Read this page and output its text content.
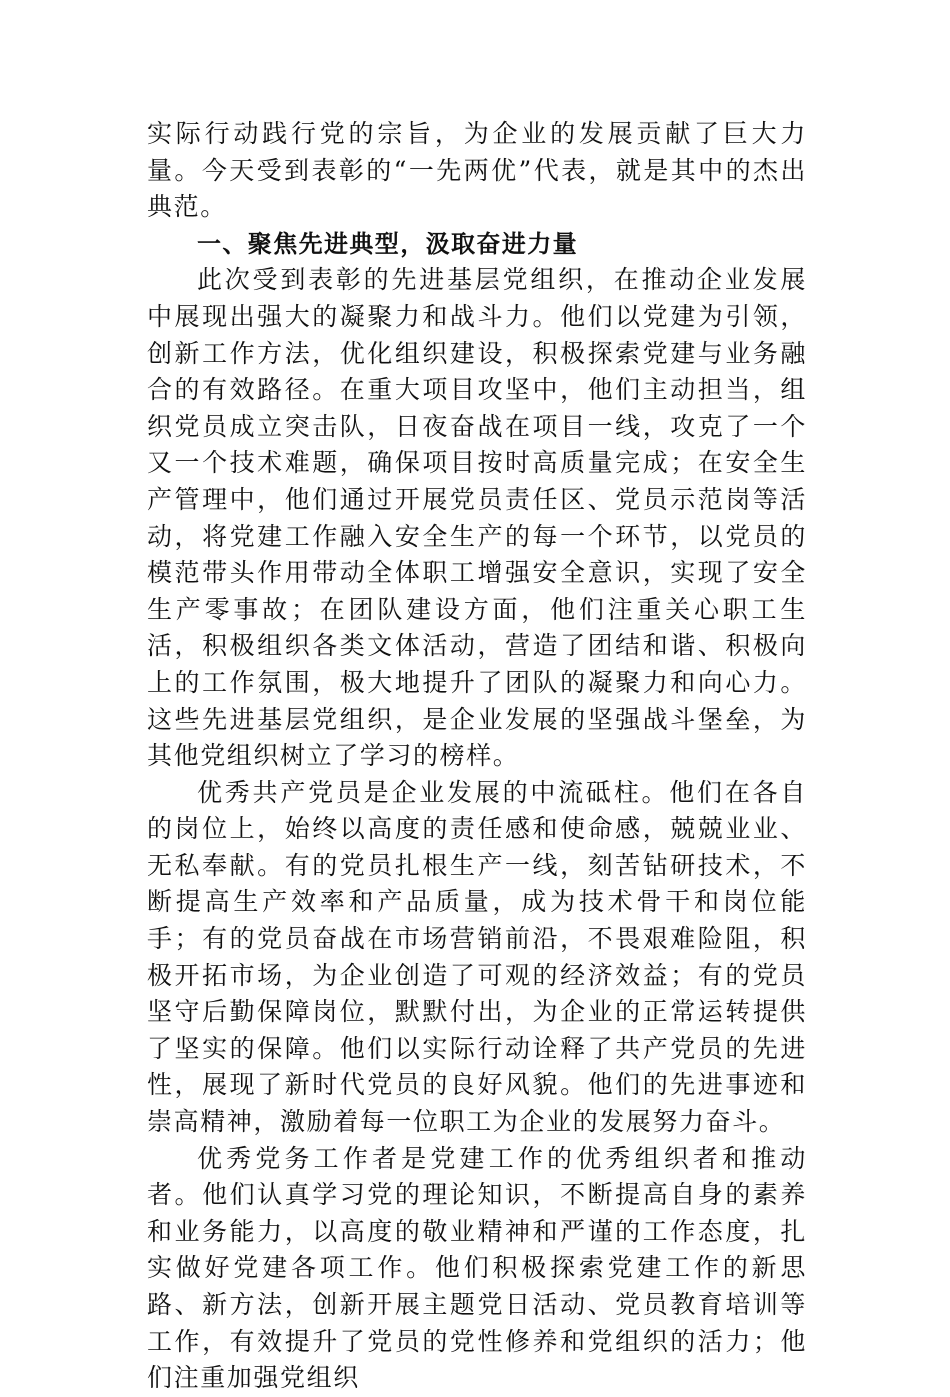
实际行动践行党的宗旨，为企业的发展贡献了巨大力量。今天受到表彰的“一先两优”代表，就是其中的杰出典范。

一、聚焦先进典型，汲取奋进力量

此次受到表彰的先进基层党组织，在推动企业发展中展现出强大的凝聚力和战斗力。他们以党建为引领，创新工作方法，优化组织建设，积极探索党建与业务融合的有效路径。在重大项目攻坚中，他们主动担当，组织党员成立突击队，日夜奋战在项目一线，攻克了一个又一个技术难题，确保项目按时高质量完成；在安全生产管理中，他们通过开展党员责任区、党员示范岗等活动，将党建工作融入安全生产的每一个环节，以党员的模范带头作用带动全体职工增强安全意识，实现了安全生产零事故；在团队建设方面，他们注重关心职工生活，积极组织各类文体活动，营造了团结和谐、积极向上的工作氛围，极大地提升了团队的凝聚力和向心力。这些先进基层党组织，是企业发展的坚强战斗堡垒，为其他党组织树立了学习的榜样。

优秀共产党员是企业发展的中流砥柱。他们在各自的岗位上，始终以高度的责任感和使命感，兢兢业业、无私奉献。有的党员扎根生产一线，刻苦钻研技术，不断提高生产效率和产品质量，成为技术骨干和岗位能手；有的党员奋战在市场营销前沿，不畏艰难险阻，积极开拓市场，为企业创造了可观的经济效益；有的党员坚守后勤保障岗位，默默付出，为企业的正常运转提供了坚实的保障。他们以实际行动诠释了共产党员的先进性，展现了新时代党员的良好风貌。他们的先进事迹和崇高精神，激励着每一位职工为企业的发展努力奋斗。

优秀党务工作者是党建工作的优秀组织者和推动者。他们认真学习党的理论知识，不断提高自身的素养和业务能力，以高度的敬业精神和严谨的工作态度，扎实做好党建各项工作。他们积极探索党建工作的新思路、新方法，创新开展主题党日活动、党员教育培训等工作，有效提升了党员的党性修养和党组织的活力；他们注重加强党组织
